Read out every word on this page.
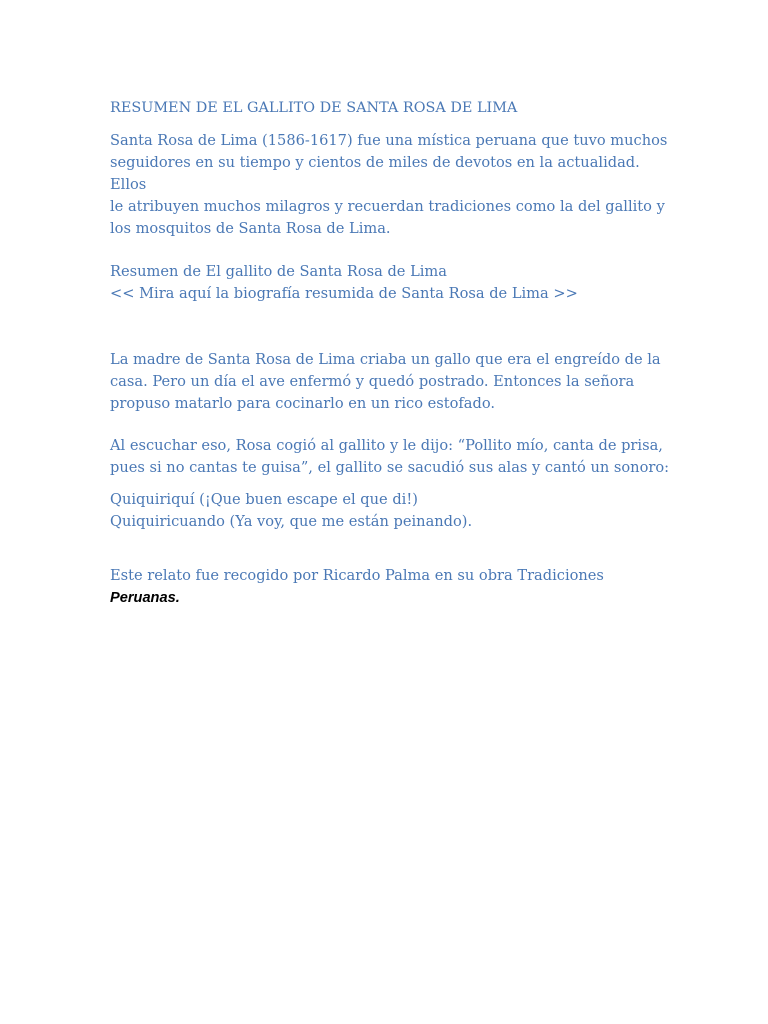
RESUMEN DE EL GALLITO DE SANTA ROSA DE LIMA

Santa Rosa de Lima (1586-1617) fue una mística peruana que tuvo muchos
seguidores en su tiempo y cientos de miles de devotos en la actualidad. Ellos
le atribuyen muchos milagros y recuerdan tradiciones como la del gallito y
los mosquitos de Santa Rosa de Lima.

Resumen de El gallito de Santa Rosa de Lima
<< Mira aquí la biografía resumida de Santa Rosa de Lima >>

La madre de Santa Rosa de Lima criaba un gallo que era el engreído de la
casa. Pero un día el ave enfermó y quedó postrado. Entonces la señora
propuso matarlo para cocinarlo en un rico estofado.

Al escuchar eso, Rosa cogió al gallito y le dijo: “Pollito mío, canta de prisa,
pues si no cantas te guisa”, el gallito se sacudió sus alas y cantó un sonoro:

Quiquiriquí (¡Que buen escape el que di!)
Quiquiricuando (Ya voy, que me están peinando).
Este relato fue recogido por Ricardo Palma en su obra Tradiciones
Peruanas.
